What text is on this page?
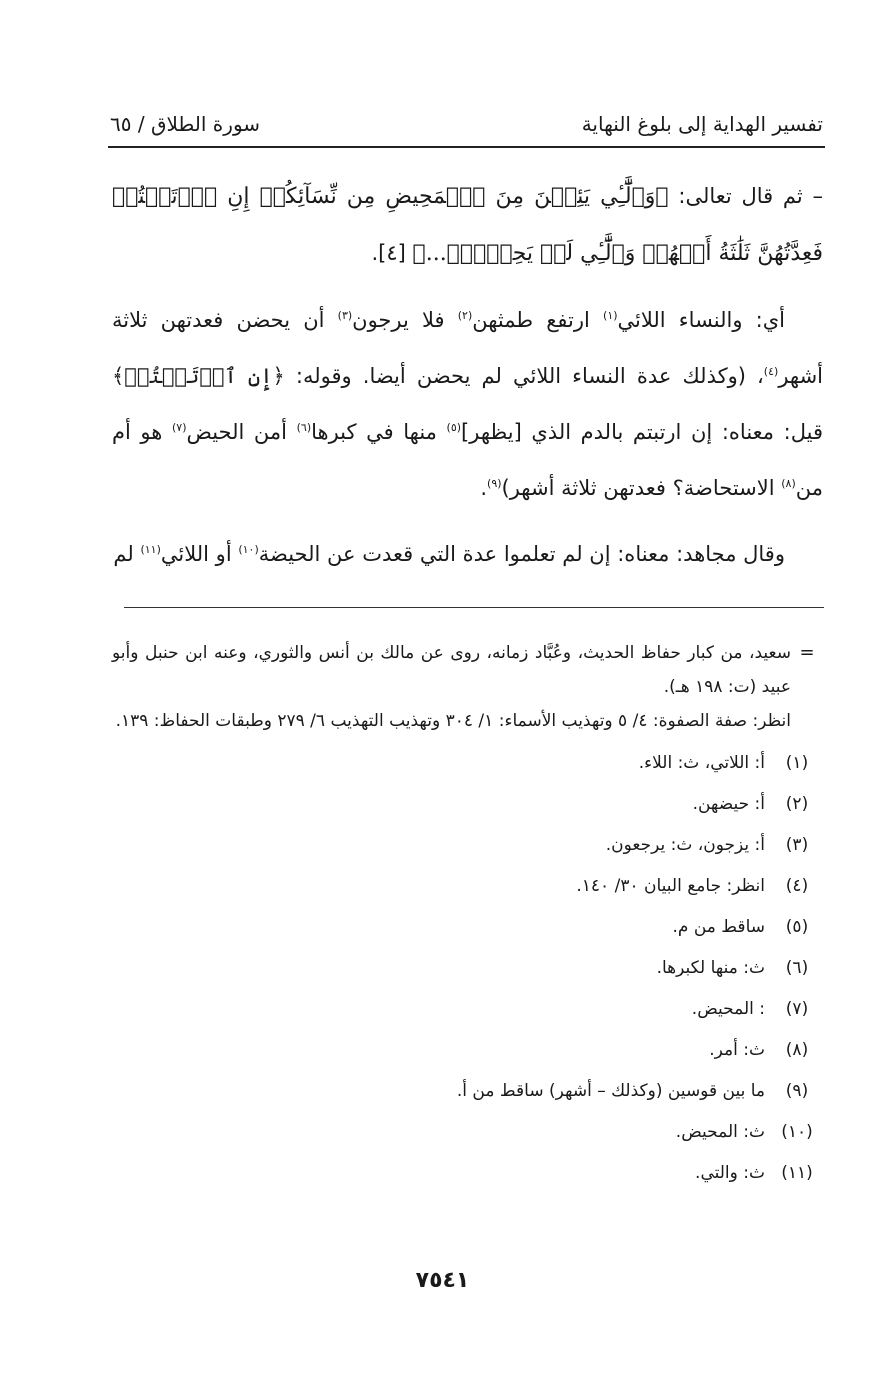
تفسير الهداية إلى بلوغ النهاية
سورة الطلاق / ٦٥

– ثم قال تعالى: ﴿وَٱلَّٰٓـِٔي يَئِسۡنَ مِنَ ٱلۡمَحِيضِ مِن نِّسَآئِكُمۡ إِنِ ٱرۡتَبۡتُمۡ فَعِدَّتُهُنَّ ثَلَٰثَةُ أَشۡهُرٖ وَٱلَّٰٓـِٔي لَمۡ يَحِضۡنَۚ...﴾ [٤].

أي: والنساء اللائي$^{(١)}$ ارتفع طمثهن$^{(٢)}$ فلا يرجون$^{(٣)}$ أن يحضن فعدتهن ثلاثة أشهر$^{(٤)}$، (وكذلك عدة النساء اللائي لم يحضن أيضا. وقوله: ﴿إِنِ ٱرۡتَبۡتُمۡ﴾ قيل: معناه: إن ارتبتم بالدم الذي [يظهر]$^{(٥)}$ منها في كبرها$^{(٦)}$ أمن الحيض$^{(٧)}$ هو أم من$^{(٨)}$ الاستحاضة؟ فعدتهن ثلاثة أشهر)$^{(٩)}$.

وقال مجاهد: معناه: إن لم تعلموا عدة التي قعدت عن الحيضة$^{(١٠)}$ أو اللائي$^{(١١)}$ لم

=
سعيد، من كبار حفاظ الحديث، وعُبَّاد زمانه، روى عن مالك بن أنس والثوري، وعنه ابن حنبل وأبو عبيد (ت: ١٩٨ هـ).
انظر: صفة الصفوة: ٤/ ٥ وتهذيب الأسماء: ١/ ٣٠٤ وتهذيب التهذيب ٦/ ٢٧٩ وطبقات الحفاظ: ١٣٩.
(١)
أ: اللاتي، ث: اللاء.
(٢)
أ: حيضهن.
(٣)
أ: يزجون، ث: يرجعون.
(٤)
انظر: جامع البيان ٣٠/ ١٤٠.
(٥)
ساقط من م.
(٦)
ث: منها لكبرها.
(٧)
: المحيض.
(٨)
ث: أمر.
(٩)
ما بين قوسين (وكذلك – أشهر) ساقط من أ.
(١٠)
ث: المحيض.
(١١)
ث: والتي.
٧٥٤١
